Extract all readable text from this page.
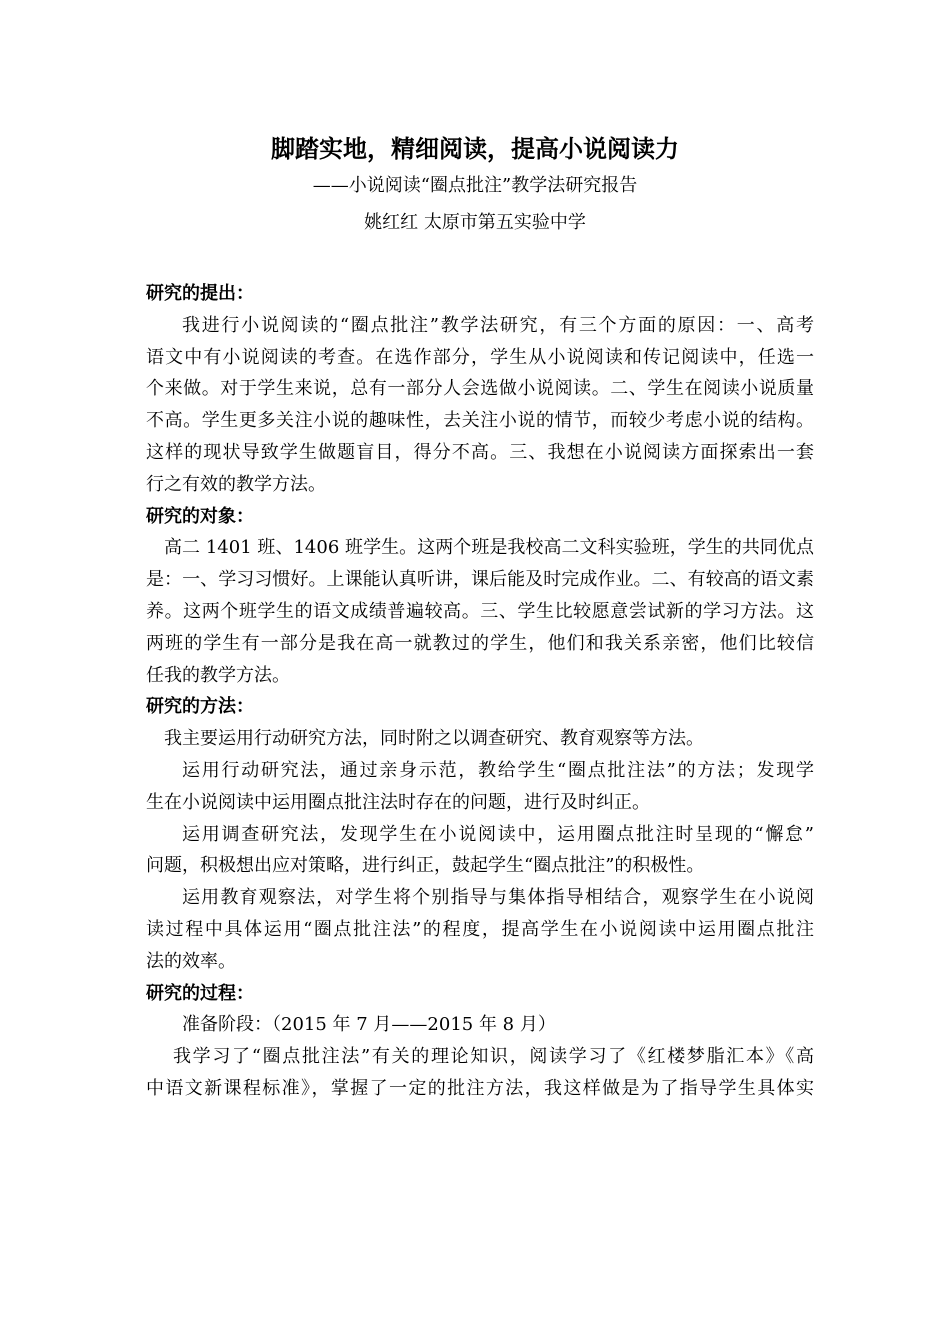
脚踏实地，精细阅读，提高小说阅读力
——小说阅读“圈点批注”教学法研究报告
姚红红 太原市第五实验中学
研究的提出：
我进行小说阅读的“圈点批注”教学法研究，有三个方面的原因：一、高考
语文中有小说阅读的考查。在选作部分，学生从小说阅读和传记阅读中，任选一
个来做。对于学生来说，总有一部分人会选做小说阅读。二、学生在阅读小说质量
不高。学生更多关注小说的趣味性，去关注小说的情节，而较少考虑小说的结构。
这样的现状导致学生做题盲目，得分不高。三、我想在小说阅读方面探索出一套
行之有效的教学方法。
研究的对象：
高二 1401 班、1406 班学生。这两个班是我校高二文科实验班，学生的共同优点
是：一、学习习惯好。上课能认真听讲，课后能及时完成作业。二、有较高的语文素
养。这两个班学生的语文成绩普遍较高。三、学生比较愿意尝试新的学习方法。这
两班的学生有一部分是我在高一就教过的学生，他们和我关系亲密，他们比较信
任我的教学方法。
研究的方法：
我主要运用行动研究方法，同时附之以调查研究、教育观察等方法。
运用行动研究法，通过亲身示范，教给学生“圈点批注法”的方法；发现学
生在小说阅读中运用圈点批注法时存在的问题，进行及时纠正。
运用调查研究法，发现学生在小说阅读中，运用圈点批注时呈现的“懈怠”
问题，积极想出应对策略，进行纠正，鼓起学生“圈点批注”的积极性。
运用教育观察法，对学生将个别指导与集体指导相结合，观察学生在小说阅
读过程中具体运用“圈点批注法”的程度，提高学生在小说阅读中运用圈点批注
法的效率。
研究的过程：
准备阶段：（2015 年 7 月——2015 年 8 月）
我学习了“圈点批注法”有关的理论知识，阅读学习了《红楼梦脂汇本》《高
中语文新课程标准》，掌握了一定的批注方法，我这样做是为了指导学生具体实
